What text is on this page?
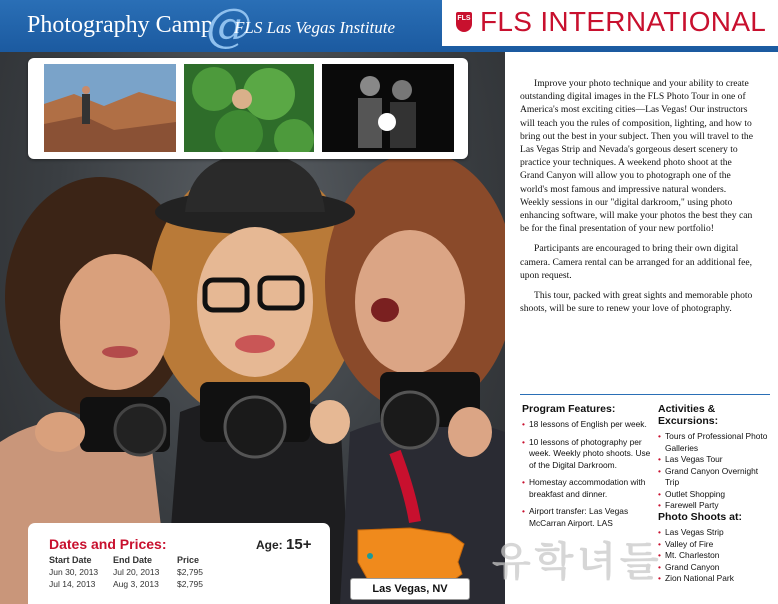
Photography Camp
@
FLS Las Vegas Institute	FLS FLS INTERNATIONAL
Dates and Prices:	Age: 15+
Start Date End Date	Price
Jun 30, 2013 Jul 20, 2013 $2,795
Jul 14, 2013 Aug 3, 2013 $2,795	Las Vegas, NV

Improve your photo technique and your ability to create outstanding digital images in the FLS Photo Tour in one of America's most exciting cities—Las Vegas! Our instructors will teach you the rules of composition, lighting, and how to bring out the best in your subject. Then you will travel to the Las Vegas Strip and Nevada's gorgeous desert scenery to practice your techniques. A weekend photo shoot at the Grand Canyon will allow you to photograph one of the world's most famous and impressive natural wonders. Weekly sessions in our "digital darkroom," using photo enhancing software, will make your photos the best they can be for the final presentation of your new portfolio!

Participants are encouraged to bring their own digital camera. Camera rental can be arranged for an additional fee, upon request.

This tour, packed with great sights and memorable photo shoots, will be sure to renew your love of photography.

Program Features:
• 18 lessons of English per week.
• 10 lessons of photography per week. Weekly photo shoots. Use of the Digital Darkroom.
• Homestay accommodation with breakfast and dinner.
• Airport transfer: Las Vegas McCarran Airport. LAS
Activities & Excursions:
• Tours of Professional Photo Galleries
• Las Vegas Tour
• Grand Canyon Overnight Trip
• Outlet Shopping
• Farewell Party
Photo Shoots at:
• Las Vegas Strip
• Valley of Fire
• Mt. Charleston
• Grand Canyon
• Zion National Park
유학녀들
